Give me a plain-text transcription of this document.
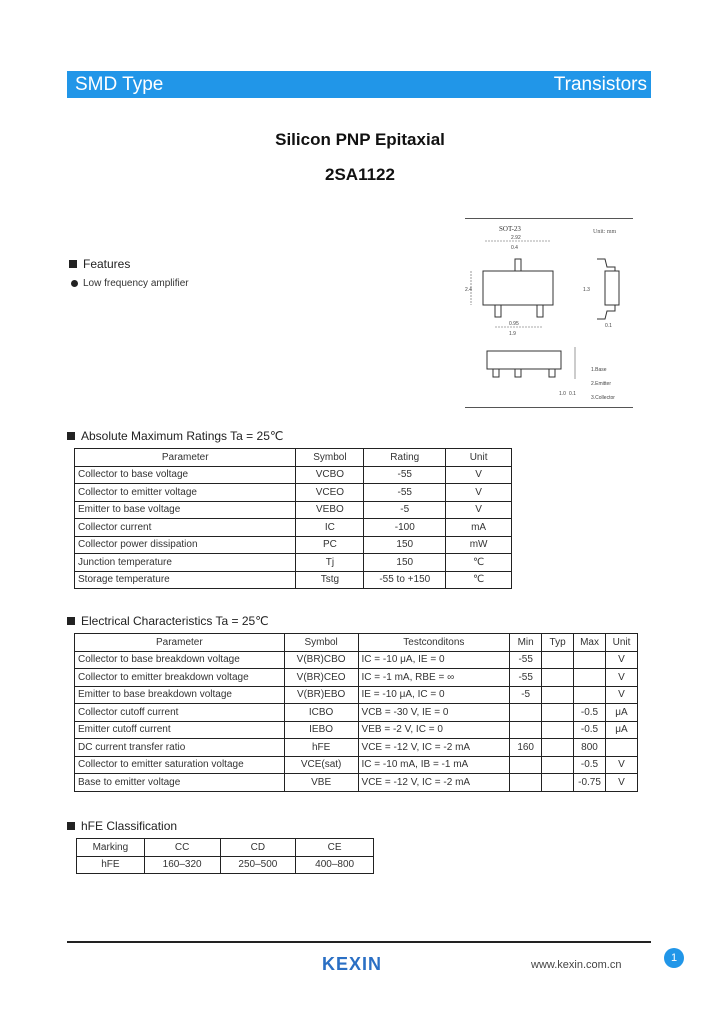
SMD Type	Transistors
Silicon PNP Epitaxial
2SA1122
Features
Low frequency amplifier
SOT-23	Unit: mm
2.92
0.4
0.95
1.9
2.4	1.3
0.1
1.0 0.1
1.Base
2.Emitter
3.Collector
Absolute Maximum Ratings Ta = 25℃
Parameter	Symbol	Rating	Unit
Collector to base voltage	VCBO	-55	V
Collector to emitter voltage	VCEO	-55	V
Emitter to base voltage	VEBO	-5	V
Collector current	IC	-100	mA
Collector power dissipation	PC	150	mW
Junction temperature	Tj	150	℃
Storage temperature	Tstg	-55 to +150	℃
Electrical Characteristics Ta = 25℃
Parameter	Symbol	Testconditons	Min	Typ	Max	Unit
Collector to base breakdown voltage	V(BR)CBO	IC = -10 μA, IE = 0	-55			V
Collector to emitter breakdown voltage	V(BR)CEO	IC = -1 mA, RBE = ∞	-55			V
Emitter to base breakdown voltage	V(BR)EBO	IE = -10 μA, IC = 0	-5			V
Collector cutoff current	ICBO	VCB = -30 V, IE = 0			-0.5	μA
Emitter cutoff current	IEBO	VEB = -2 V, IC = 0			-0.5	μA
DC current transfer ratio	hFE	VCE = -12 V, IC = -2 mA	160		800	
Collector to emitter saturation voltage	VCE(sat)	IC = -10 mA, IB = -1 mA			-0.5	V
Base to emitter voltage	VBE	VCE = -12 V, IC = -2 mA			-0.75	V
hFE Classification
Marking	CC	CD	CE
hFE	160–320	250–500	400–800
1
KEXIN	www.kexin.com.cn
